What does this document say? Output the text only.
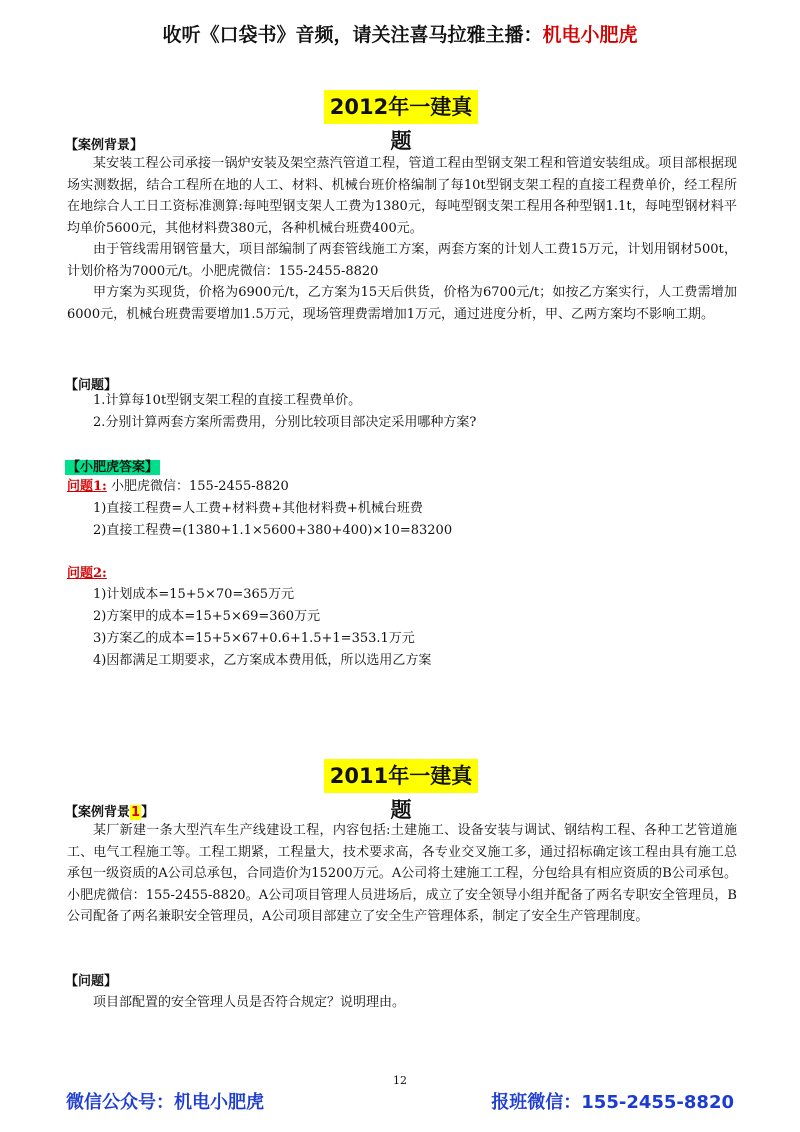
收听《口袋书》音频，请关注喜马拉雅主播：机电小肥虎
2012年一建真题
【案例背景】

某安装工程公司承接一锅炉安装及架空蒸汽管道工程，管道工程由型钢支架工程和管道安装组成。项目部根据现场实测数据，结合工程所在地的人工、材料、机械台班价格编制了每10t型钢支架工程的直接工程费单价，经工程所在地综合人工日工资标准测算:每吨型钢支架人工费为1380元，每吨型钢支架工程用各种型钢1.1t，每吨型钢材料平均单价5600元，其他材料费380元，各种机械台班费400元。

由于管线需用钢管量大，项目部编制了两套管线施工方案，两套方案的计划人工费15万元，计划用钢材500t，计划价格为7000元/t。小肥虎微信：155-2455-8820

甲方案为买现货，价格为6900元/t，乙方案为15天后供货，价格为6700元/t；如按乙方案实行，人工费需增加6000元，机械台班费需要增加1.5万元，现场管理费需增加1万元，通过进度分析，甲、乙两方案均不影响工期。

【问题】
1.计算每10t型钢支架工程的直接工程费单价。
2.分别计算两套方案所需费用，分别比较项目部决定采用哪种方案?
【小肥虎答案】
问题1: 小肥虎微信：155-2455-8820
1)直接工程费=人工费+材料费+其他材料费+机械台班费
2)直接工程费=(1380+1.1×5600+380+400)×10=83200
问题2:
1)计划成本=15+5×70=365万元
2)方案甲的成本=15+5×69=360万元
3)方案乙的成本=15+5×67+0.6+1.5+1=353.1万元
4)因都满足工期要求，乙方案成本费用低，所以选用乙方案
2011年一建真题
【案例背景1】

某厂新建一条大型汽车生产线建设工程，内容包括:土建施工、设备安装与调试、钢结构工程、各种工艺管道施工、电气工程施工等。工程工期紧，工程量大，技术要求高，各专业交叉施工多，通过招标确定该工程由具有施工总承包一级资质的A公司总承包，合同造价为15200万元。A公司将土建施工工程，分包给具有相应资质的B公司承包。小肥虎微信：155-2455-8820。A公司项目管理人员进场后，成立了安全领导小组并配备了两名专职安全管理员，B公司配备了两名兼职安全管理员，A公司项目部建立了安全生产管理体系，制定了安全生产管理制度。

【问题】
项目部配置的安全管理人员是否符合规定？说明理由。
12
微信公众号：机电小肥虎	报班微信：155-2455-8820
